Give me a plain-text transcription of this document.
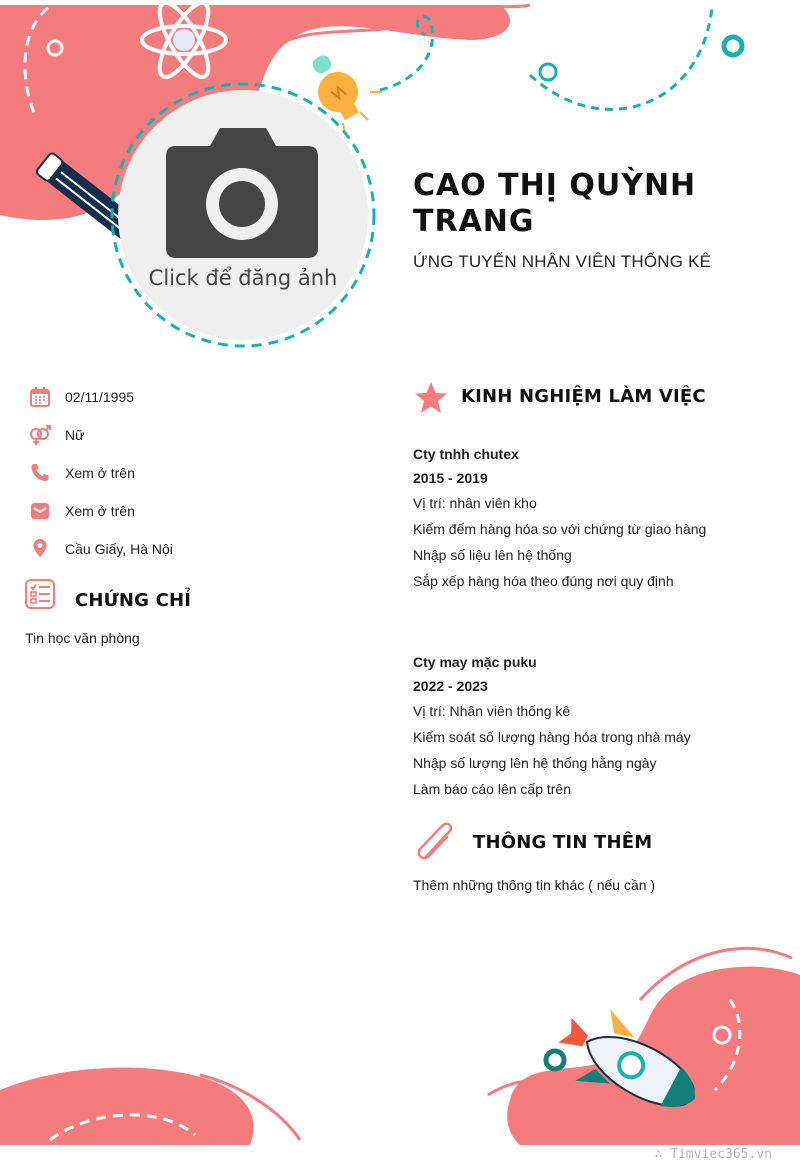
Click để đăng ảnh
CAO THỊ QUỲNH TRANG
ỨNG TUYỂN NHÂN VIÊN THỐNG KÊ
02/11/1995
Nữ
Xem ở trên
Xem ở trên
Cầu Giấy, Hà Nội
CHỨNG CHỈ
Tin học văn phòng
KINH NGHIỆM LÀM VIỆC
Cty tnhh chutex
2015 - 2019
Vị trí: nhân viên kho
Kiểm đếm hàng hóa so với chứng từ giao hàng
Nhập số liệu lên hệ thống
Sắp xếp hàng hóa theo đúng nơi quy định
Cty may mặc puku
2022 - 2023
Vị trí: Nhân viên thống kê
Kiểm soát số lượng hàng hóa trong nhà máy
Nhập số lượng lên hệ thống hằng ngày
Làm báo cáo lên cấp trên
THÔNG TIN THÊM
Thêm những thông tin khác ( nếu cần )
∴ Timviec365.vn
